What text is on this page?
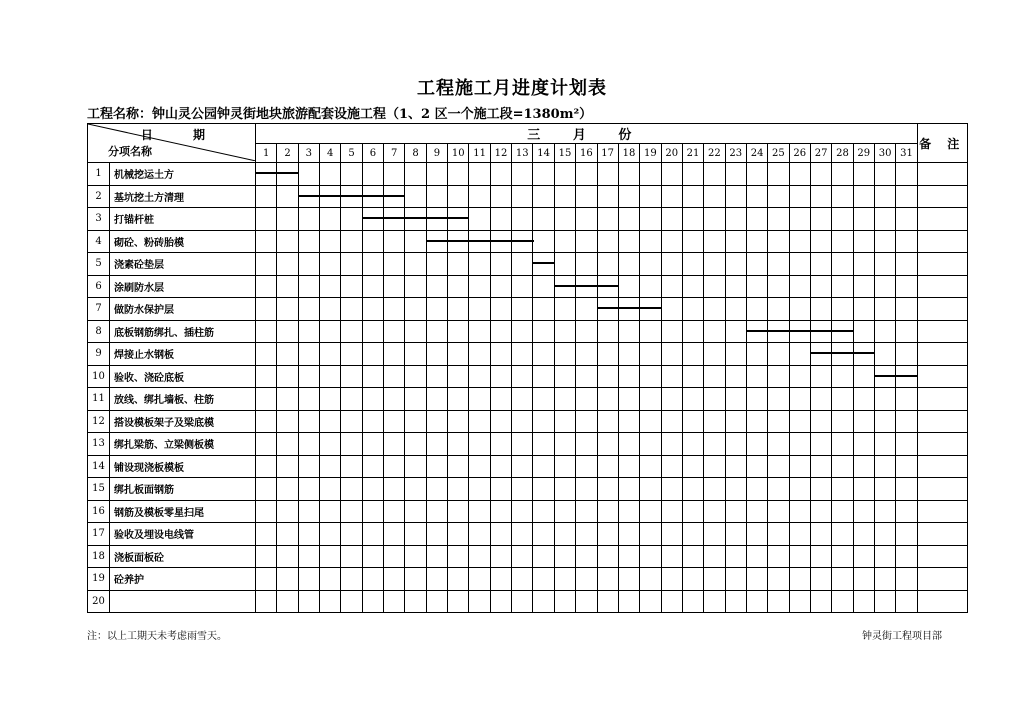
工程施工月进度计划表
工程名称：钟山灵公园钟灵街地块旅游配套设施工程（1、2 区一个施工段=1380m²）
日 期
分项名称		三 月 份																															备 注
		1	2	3	4	5	6	7	8	9	10	11	12	13	14	15	16	17	18	19	20	21	22	23	24	25	26	27	28	29	30	31	
1	机械挖运土方	

2	基坑挖土方清理			

3	打锚杆桩						

4	砌砼、粉砖胎模									

5	浇素砼垫层														

6	涂刷防水层															

7	做防水保护层																	

8	底板钢筋绑扎、插柱筋																								

9	焊接止水钢板																											

10	验收、浇砼底板																														

11	放线、绑扎墙板、柱筋																																
12	搭设模板架子及梁底模																																
13	绑扎梁筋、立梁侧板模																																
14	铺设现浇板模板																																
15	绑扎板面钢筋																																
16	钢筋及模板零星扫尾																																
17	验收及埋设电线管																																
18	浇板面板砼																																
19	砼养护																																
20																																	
注：以上工期天未考虑雨雪天。	钟灵街工程项目部
